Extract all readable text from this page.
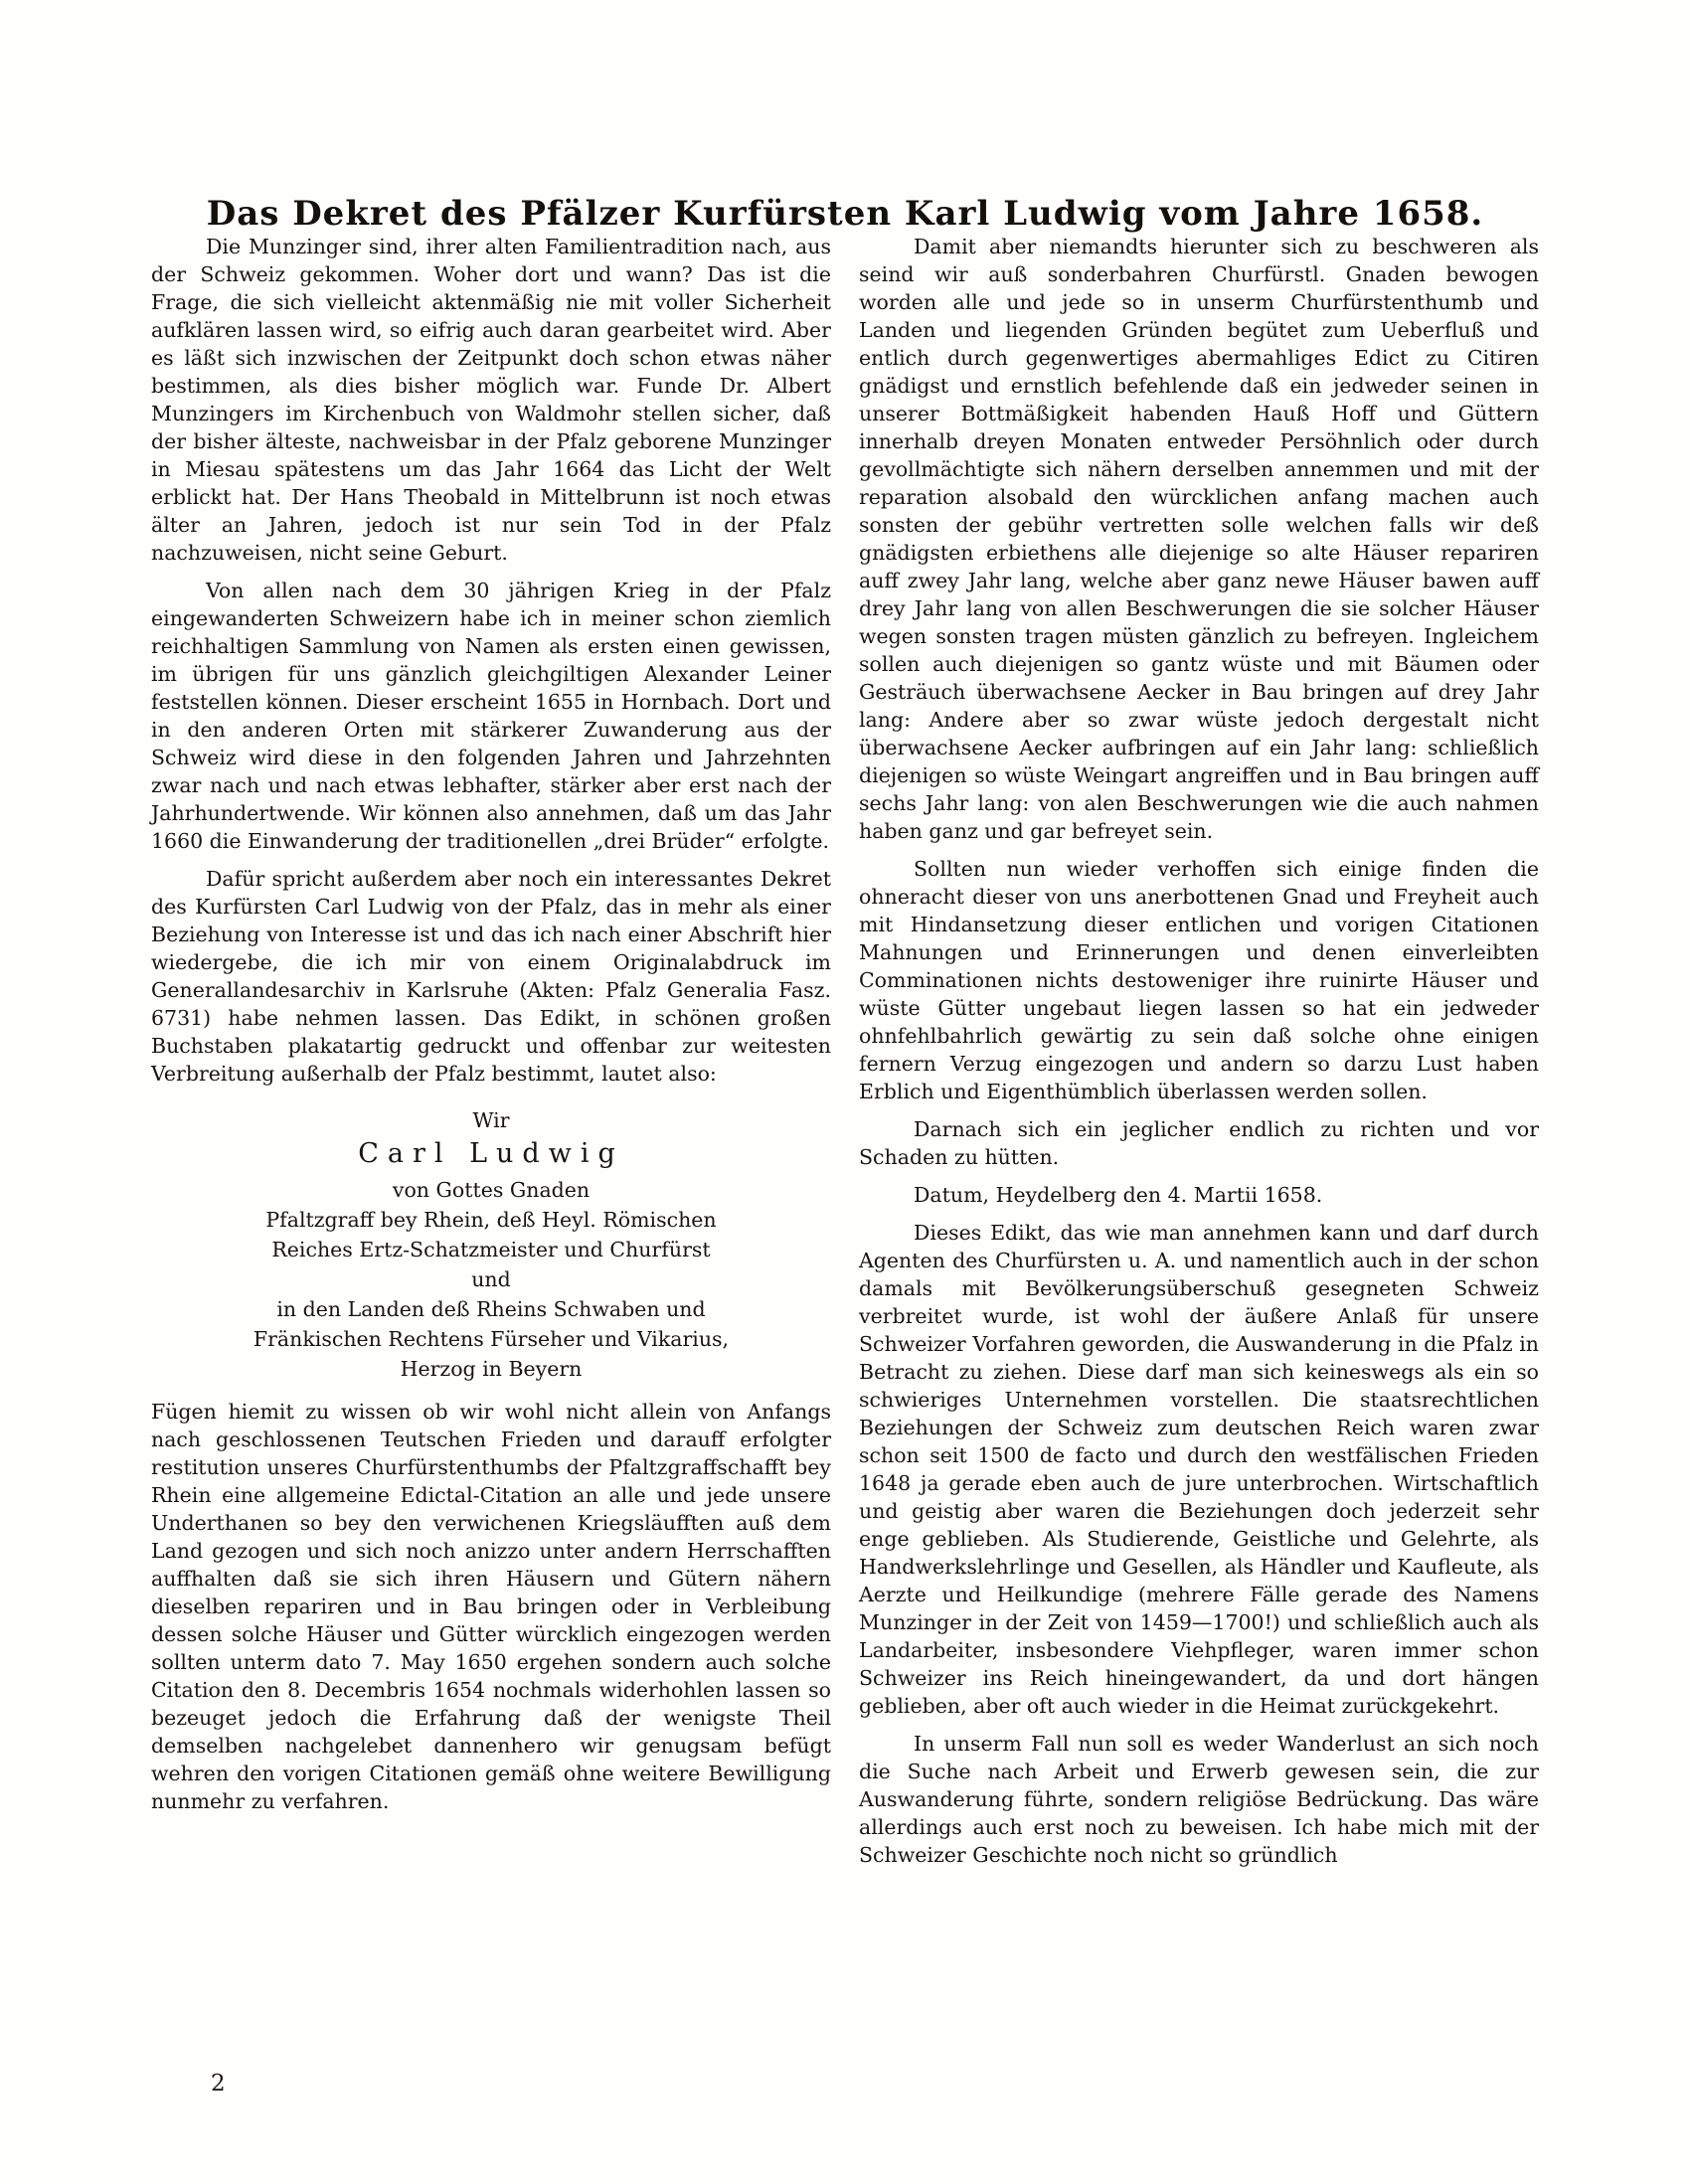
Das Dekret des Pfälzer Kurfürsten Karl Ludwig vom Jahre 1658.

Die Munzinger sind, ihrer alten Familientradition nach, aus der Schweiz gekommen. Woher dort und wann? Das ist die Frage, die sich vielleicht aktenmäßig nie mit voller Sicherheit aufklären lassen wird, so eifrig auch daran gearbeitet wird. Aber es läßt sich inzwischen der Zeitpunkt doch schon etwas näher bestimmen, als dies bisher möglich war. Funde Dr. Albert Munzingers im Kirchenbuch von Waldmohr stellen sicher, daß der bisher älteste, nachweisbar in der Pfalz geborene Munzinger in Miesau spätestens um das Jahr 1664 das Licht der Welt erblickt hat. Der Hans Theobald in Mittelbrunn ist noch etwas älter an Jahren, jedoch ist nur sein Tod in der Pfalz nachzuweisen, nicht seine Geburt.

Von allen nach dem 30 jährigen Krieg in der Pfalz eingewanderten Schweizern habe ich in meiner schon ziemlich reichhaltigen Sammlung von Namen als ersten einen gewissen, im übrigen für uns gänzlich gleichgiltigen Alexander Leiner feststellen können. Dieser erscheint 1655 in Hornbach. Dort und in den anderen Orten mit stärkerer Zuwanderung aus der Schweiz wird diese in den folgenden Jahren und Jahrzehnten zwar nach und nach etwas lebhafter, stärker aber erst nach der Jahrhundertwende. Wir können also annehmen, daß um das Jahr 1660 die Einwanderung der traditionellen „drei Brüder“ erfolgte.

Dafür spricht außerdem aber noch ein interessantes Dekret des Kurfürsten Carl Ludwig von der Pfalz, das in mehr als einer Beziehung von Interesse ist und das ich nach einer Abschrift hier wiedergebe, die ich mir von einem Originalabdruck im Generallandesarchiv in Karlsruhe (Akten: Pfalz Generalia Fasz. 6731) habe nehmen lassen. Das Edikt, in schönen großen Buchstaben plakatartig gedruckt und offenbar zur weitesten Verbreitung außerhalb der Pfalz bestimmt, lautet also:

Wir
Carl Ludwig
von Gottes Gnaden
Pfaltzgraff bey Rhein, deß Heyl. Römischen
Reiches Ertz-Schatzmeister und Churfürst
und
in den Landen deß Rheins Schwaben und
Fränkischen Rechtens Fürseher und Vikarius,
Herzog in Beyern

Fügen hiemit zu wissen ob wir wohl nicht allein von Anfangs nach geschlossenen Teutschen Frieden und darauff erfolgter restitution unseres Churfürstenthumbs der Pfaltzgraffschafft bey Rhein eine allgemeine Edictal-Citation an alle und jede unsere Underthanen so bey den verwichenen Kriegsläufften auß dem Land gezogen und sich noch anizzo unter andern Herrschafften auffhalten daß sie sich ihren Häusern und Gütern nähern dieselben repariren und in Bau bringen oder in Verbleibung dessen solche Häuser und Gütter würcklich eingezogen werden sollten unterm dato 7. May 1650 ergehen sondern auch solche Citation den 8. Decembris 1654 nochmals widerhohlen lassen so bezeuget jedoch die Erfahrung daß der wenigste Theil demselben nachgelebet dannenhero wir genugsam befügt wehren den vorigen Citationen gemäß ohne weitere Bewilligung nunmehr zu verfahren.

Damit aber niemandts hierunter sich zu beschweren als seind wir auß sonderbahren Churfürstl. Gnaden bewogen worden alle und jede so in unserm Churfürstenthumb und Landen und liegenden Gründen begütet zum Ueberfluß und entlich durch gegenwertiges abermahliges Edict zu Citiren gnädigst und ernstlich befehlende daß ein jedweder seinen in unserer Bottmäßigkeit habenden Hauß Hoff und Güttern innerhalb dreyen Monaten entweder Persöhnlich oder durch gevollmächtigte sich nähern derselben annemmen und mit der reparation alsobald den würcklichen anfang machen auch sonsten der gebühr vertretten solle welchen falls wir deß gnädigsten erbiethens alle diejenige so alte Häuser repariren auff zwey Jahr lang, welche aber ganz newe Häuser bawen auff drey Jahr lang von allen Beschwerungen die sie solcher Häuser wegen sonsten tragen müsten gänzlich zu befreyen. Ingleichem sollen auch diejenigen so gantz wüste und mit Bäumen oder Gesträuch überwachsene Aecker in Bau bringen auf drey Jahr lang: Andere aber so zwar wüste jedoch dergestalt nicht überwachsene Aecker aufbringen auf ein Jahr lang: schließlich diejenigen so wüste Weingart angreiffen und in Bau bringen auff sechs Jahr lang: von alen Beschwerungen wie die auch nahmen haben ganz und gar befreyet sein.

Sollten nun wieder verhoffen sich einige finden die ohneracht dieser von uns anerbottenen Gnad und Freyheit auch mit Hindansetzung dieser entlichen und vorigen Citationen Mahnungen und Erinnerungen und denen einverleibten Comminationen nichts destoweniger ihre ruinirte Häuser und wüste Gütter ungebaut liegen lassen so hat ein jedweder ohnfehlbahrlich gewärtig zu sein daß solche ohne einigen fernern Verzug eingezogen und andern so darzu Lust haben Erblich und Eigenthümblich überlassen werden sollen.

Darnach sich ein jeglicher endlich zu richten und vor Schaden zu hütten.

Datum, Heydelberg den 4. Martii 1658.

Dieses Edikt, das wie man annehmen kann und darf durch Agenten des Churfürsten u. A. und namentlich auch in der schon damals mit Bevölkerungsüberschuß gesegneten Schweiz verbreitet wurde, ist wohl der äußere Anlaß für unsere Schweizer Vorfahren geworden, die Auswanderung in die Pfalz in Betracht zu ziehen. Diese darf man sich keineswegs als ein so schwieriges Unternehmen vorstellen. Die staatsrechtlichen Beziehungen der Schweiz zum deutschen Reich waren zwar schon seit 1500 de facto und durch den westfälischen Frieden 1648 ja gerade eben auch de jure unterbrochen. Wirtschaftlich und geistig aber waren die Beziehungen doch jederzeit sehr enge geblieben. Als Studierende, Geistliche und Gelehrte, als Handwerkslehrlinge und Gesellen, als Händler und Kaufleute, als Aerzte und Heilkundige (mehrere Fälle gerade des Namens Munzinger in der Zeit von 1459—1700!) und schließlich auch als Landarbeiter, insbesondere Viehpfleger, waren immer schon Schweizer ins Reich hineingewandert, da und dort hängen geblieben, aber oft auch wieder in die Heimat zurückgekehrt.

In unserm Fall nun soll es weder Wanderlust an sich noch die Suche nach Arbeit und Erwerb gewesen sein, die zur Auswanderung führte, sondern religiöse Bedrückung. Das wäre allerdings auch erst noch zu beweisen. Ich habe mich mit der Schweizer Geschichte noch nicht so gründlich

2
